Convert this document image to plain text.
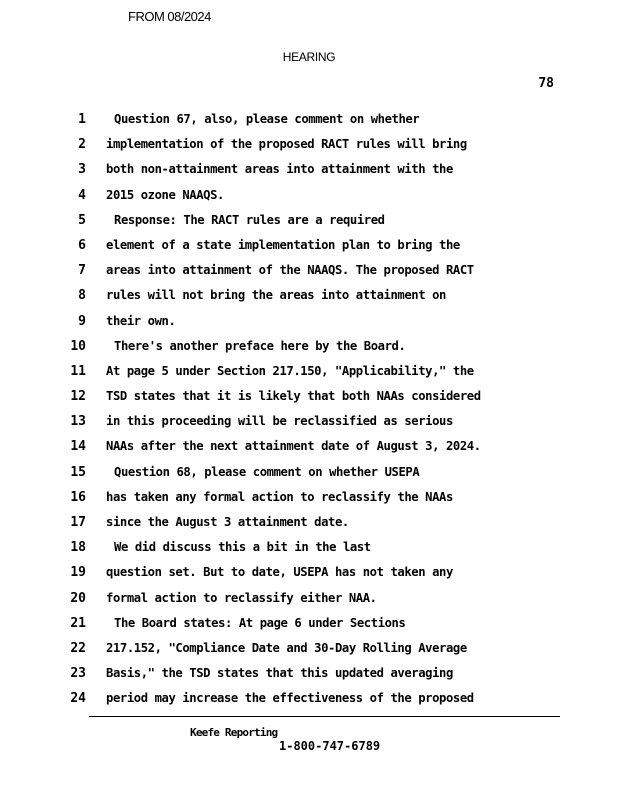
FROM 08/2024
HEARING
78
1 Question 67, also, please comment on whether
2 implementation of the proposed RACT rules will bring
3 both non-attainment areas into attainment with the
4 2015 ozone NAAQS.
5 Response: The RACT rules are a required
6 element of a state implementation plan to bring the
7 areas into attainment of the NAAQS. The proposed RACT
8 rules will not bring the areas into attainment on
9 their own.
10 There's another preface here by the Board.
11 At page 5 under Section 217.150, "Applicability," the
12 TSD states that it is likely that both NAAs considered
13 in this proceeding will be reclassified as serious
14 NAAs after the next attainment date of August 3, 2024.
15 Question 68, please comment on whether USEPA
16 has taken any formal action to reclassify the NAAs
17 since the August 3 attainment date.
18 We did discuss this a bit in the last
19 question set. But to date, USEPA has not taken any
20 formal action to reclassify either NAA.
21 The Board states: At page 6 under Sections
22 217.152, "Compliance Date and 30-Day Rolling Average
23 Basis," the TSD states that this updated averaging
24 period may increase the effectiveness of the proposed
Keefe Reporting
1-800-747-6789
